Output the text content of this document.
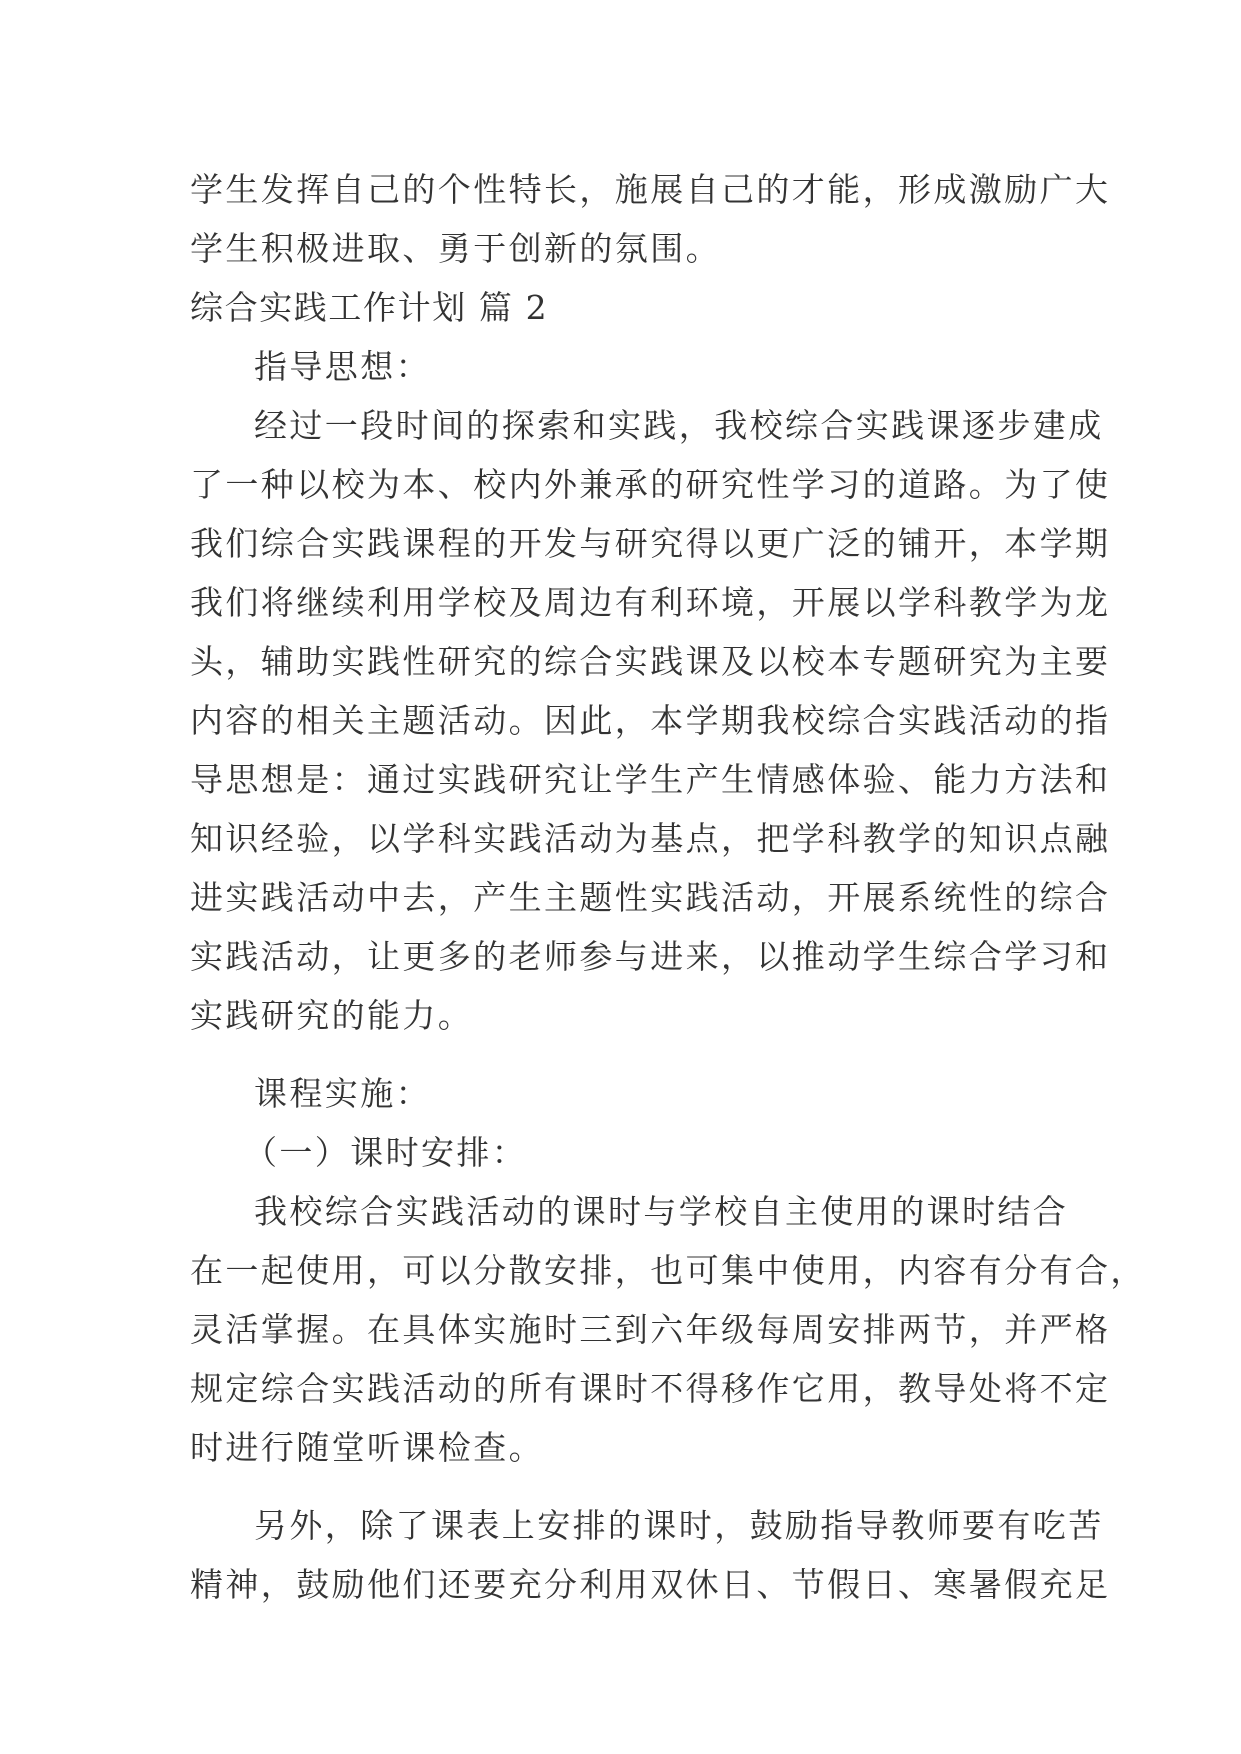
学生发挥自己的个性特长，施展自己的才能，形成激励广大
学生积极进取、勇于创新的氛围。
综合实践工作计划 篇 2
指导思想：
经过一段时间的探索和实践，我校综合实践课逐步建成
了一种以校为本、校内外兼承的研究性学习的道路。为了使
我们综合实践课程的开发与研究得以更广泛的铺开，本学期
我们将继续利用学校及周边有利环境，开展以学科教学为龙
头，辅助实践性研究的综合实践课及以校本专题研究为主要
内容的相关主题活动。因此，本学期我校综合实践活动的指
导思想是：通过实践研究让学生产生情感体验、能力方法和
知识经验，以学科实践活动为基点，把学科教学的知识点融
进实践活动中去，产生主题性实践活动，开展系统性的综合
实践活动，让更多的老师参与进来，以推动学生综合学习和
实践研究的能力。
课程实施：
（一）课时安排：
我校综合实践活动的课时与学校自主使用的课时结合
在一起使用，可以分散安排，也可集中使用，内容有分有合，
灵活掌握。在具体实施时三到六年级每周安排两节，并严格
规定综合实践活动的所有课时不得移作它用，教导处将不定
时进行随堂听课检查。
另外，除了课表上安排的课时，鼓励指导教师要有吃苦
精神，鼓励他们还要充分利用双休日、节假日、寒暑假充足
